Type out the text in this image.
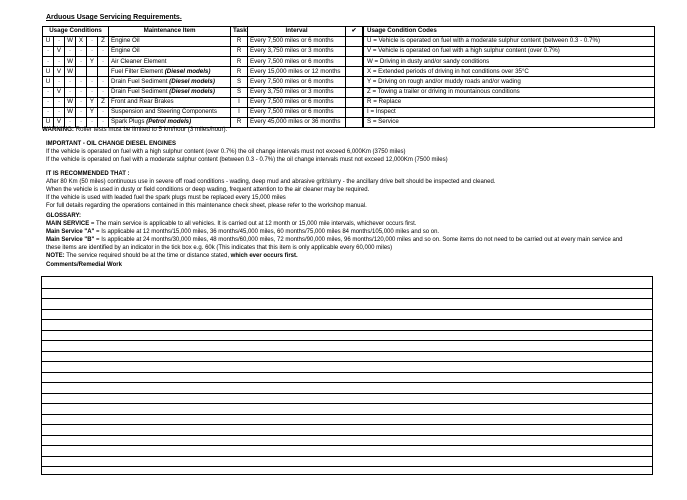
Arduous Usage Servicing Requirements.
Usage Conditions						Maintenance Item	Task	Interval	✔
U	·	W	X	·	Z	Engine Oil	R	Every 7,500 miles or 6 months	
·	V	·	·	·	·	Engine Oil	R	Every 3,750 miles or 3 months	
·	·	W	·	Y	·	Air Cleaner Element	R	Every 7,500 miles or 6 months	
U	V	W				Fuel Filter Element (Diesel models)	R	Every 15,000 miles or 12 months	
U	·	·	·	·	·	Drain Fuel Sediment (Diesel models)	S	Every 7,500 miles or 6 months	
·	V	·	·	·	·	Drain Fuel Sediment (Diesel models)	S	Every 3,750 miles or 3 months	
·	·	W	·	Y	Z	Front and Rear Brakes	I	Every 7,500 miles or 6 months	
·	·	W	·	Y	·	Suspension and Steering Components	I	Every 7,500 miles or 6 months	
U	V	·	·	·	·	Spark Plugs (Petrol models)	R	Every 45,000 miles or 36 months	
Usage Condition Codes
U = Vehicle is operated on fuel with a moderate sulphur content (between 0.3 - 0.7%)
V = Vehicle is operated on fuel with a high sulphur content (over 0.7%)
W = Driving in dusty and/or sandy conditions
X = Extended periods of driving in hot conditions over 35°C
Y = Driving on rough and/or muddy roads and/or wading
Z = Towing a trailer or driving in mountainous conditions
R = Replace
I = Inspect
S = Service
WARNING: Roller tests must be limited to 5 km/hour (3 miles/hour).
IMPORTANT - OIL CHANGE DIESEL ENGINES
If the vehicle is operated on fuel with a high sulphur content (over 0.7%) the oil change intervals must not exceed 6,000Km (3750 miles)
If the vehicle is operated on fuel with a moderate sulphur content (between 0.3 - 0.7%) the oil change intervals must not exceed 12,000Km (7500 miles)
IT IS RECOMMENDED THAT :
After 80 Km (50 miles) continuous use in severe off road conditions - wading, deep mud and abrasive grit/slurry - the ancillary drive belt should be inspected and cleaned.
When the vehicle is used in dusty or field conditions or deep wading, frequent attention to the air cleaner may be required.
If the vehicle is used with leaded fuel the spark plugs must be replaced every 15,000 miles
For full details regarding the operations contained in this maintenance check sheet, please refer to the workshop manual.
GLOSSARY:
MAIN SERVICE = The main service is applicable to all vehicles. It is carried out at 12 month or 15,000 mile intervals, whichever occurs first.
Main Service "A" = Is applicable at 12 months/15,000 miles, 36 months/45,000 miles, 60 months/75,000 miles 84 months/105,000 miles and so on.
Main Service "B" = Is applicable at 24 months/30,000 miles, 48 months/60,000 miles, 72 months/90,000 miles, 96 months/120,000 miles and so on. Some items do not need to be carried out at every main service and
these items are identified by an indicator in the tick box e.g. 60k (This indicates that this item is only applicable every 60,000 miles)
NOTE: The service required should be at the time or distance stated, which ever occurs first.
Comments/Remedial Work
